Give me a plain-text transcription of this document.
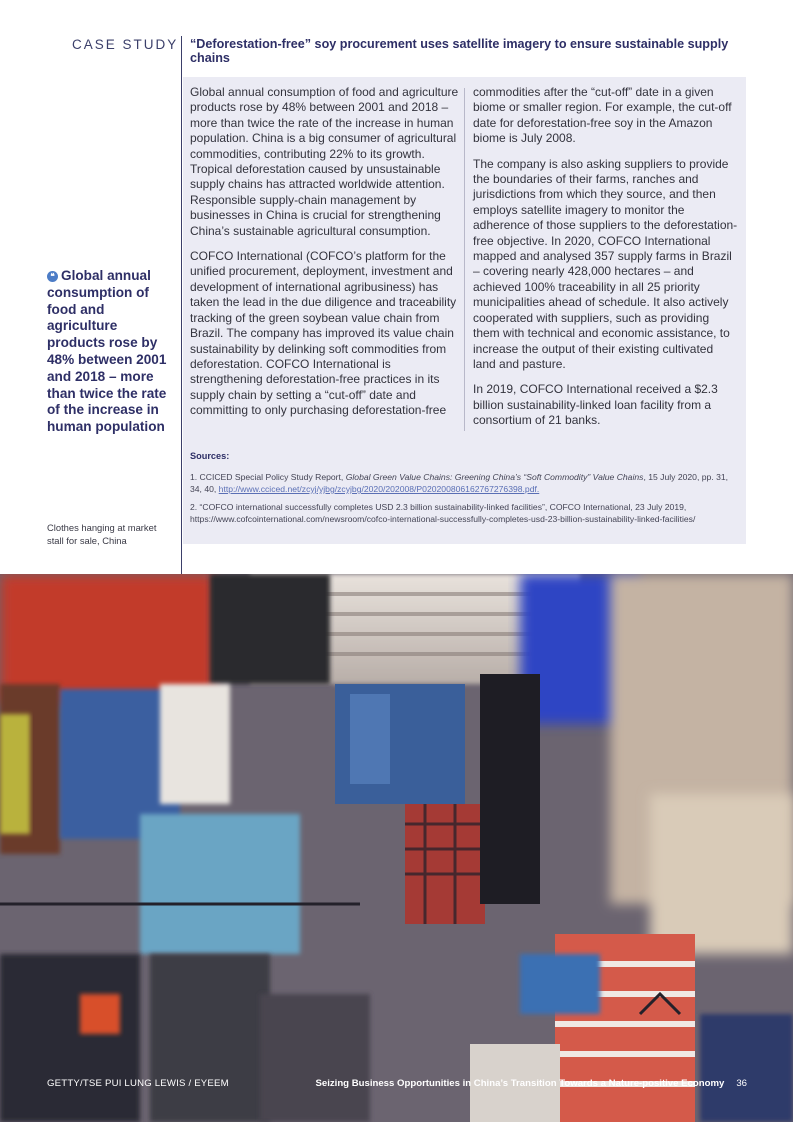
CASE STUDY “Deforestation-free” soy procurement uses satellite imagery to ensure sustainable supply chains

Global annual consumption of food and agriculture products rose by 48% between 2001 and 2018 – more than twice the rate of the increase in human population. China is a big consumer of agricultural commodities, contributing 22% to its growth. Tropical deforestation caused by unsustainable supply chains has attracted worldwide attention. Responsible supply-chain management by businesses in China is crucial for strengthening China’s sustainable agricultural consumption.

COFCO International (COFCO’s platform for the unified procurement, deployment, investment and development of international agribusiness) has taken the lead in the due diligence and traceability tracking of the green soybean value chain from Brazil. The company has improved its value chain sustainability by delinking soft commodities from deforestation. COFCO International is strengthening deforestation-free practices in its supply chain by setting a “cut-off” date and committing to only purchasing deforestation-free

commodities after the “cut-off” date in a given biome or smaller region. For example, the cut-off date for deforestation-free soy in the Amazon biome is July 2008.

The company is also asking suppliers to provide the boundaries of their farms, ranches and jurisdictions from which they source, and then employs satellite imagery to monitor the adherence of those suppliers to the deforestation-free objective. In 2020, COFCO International mapped and analysed 357 supply farms in Brazil – covering nearly 428,000 hectares – and achieved 100% traceability in all 25 priority municipalities ahead of schedule. It also actively cooperated with suppliers, such as providing them with technical and economic assistance, to increase the output of their existing cultivated land and pasture.

In 2019, COFCO International received a $2.3 billion sustainability-linked loan facility from a consortium of 21 banks.

Sources:

1. CCICED Special Policy Study Report, Global Green Value Chains: Greening China’s “Soft Commodity” Value Chains, 15 July 2020, pp. 31, 34, 40, http://www.cciced.net/zcyj/yjbg/zcyjbg/2020/202008/P020200806162767276398.pdf.

2. “COFCO international successfully completes USD 2.3 billion sustainability-linked facilities”, COFCO International, 23 July 2019, https://www.cofcointernational.com/newsroom/cofco-international-successfully-completes-usd-23-billion-sustainability-linked-facilities/

❝ Global annual consumption of food and agriculture products rose by 48% between 2001 and 2018 – more than twice the rate of the increase in human population
Clothes hanging at market stall for sale, China
GETTY/TSE PUI LUNG LEWIS / EYEEM	Seizing Business Opportunities in China’s Transition Towards a Nature-positive Economy 36
